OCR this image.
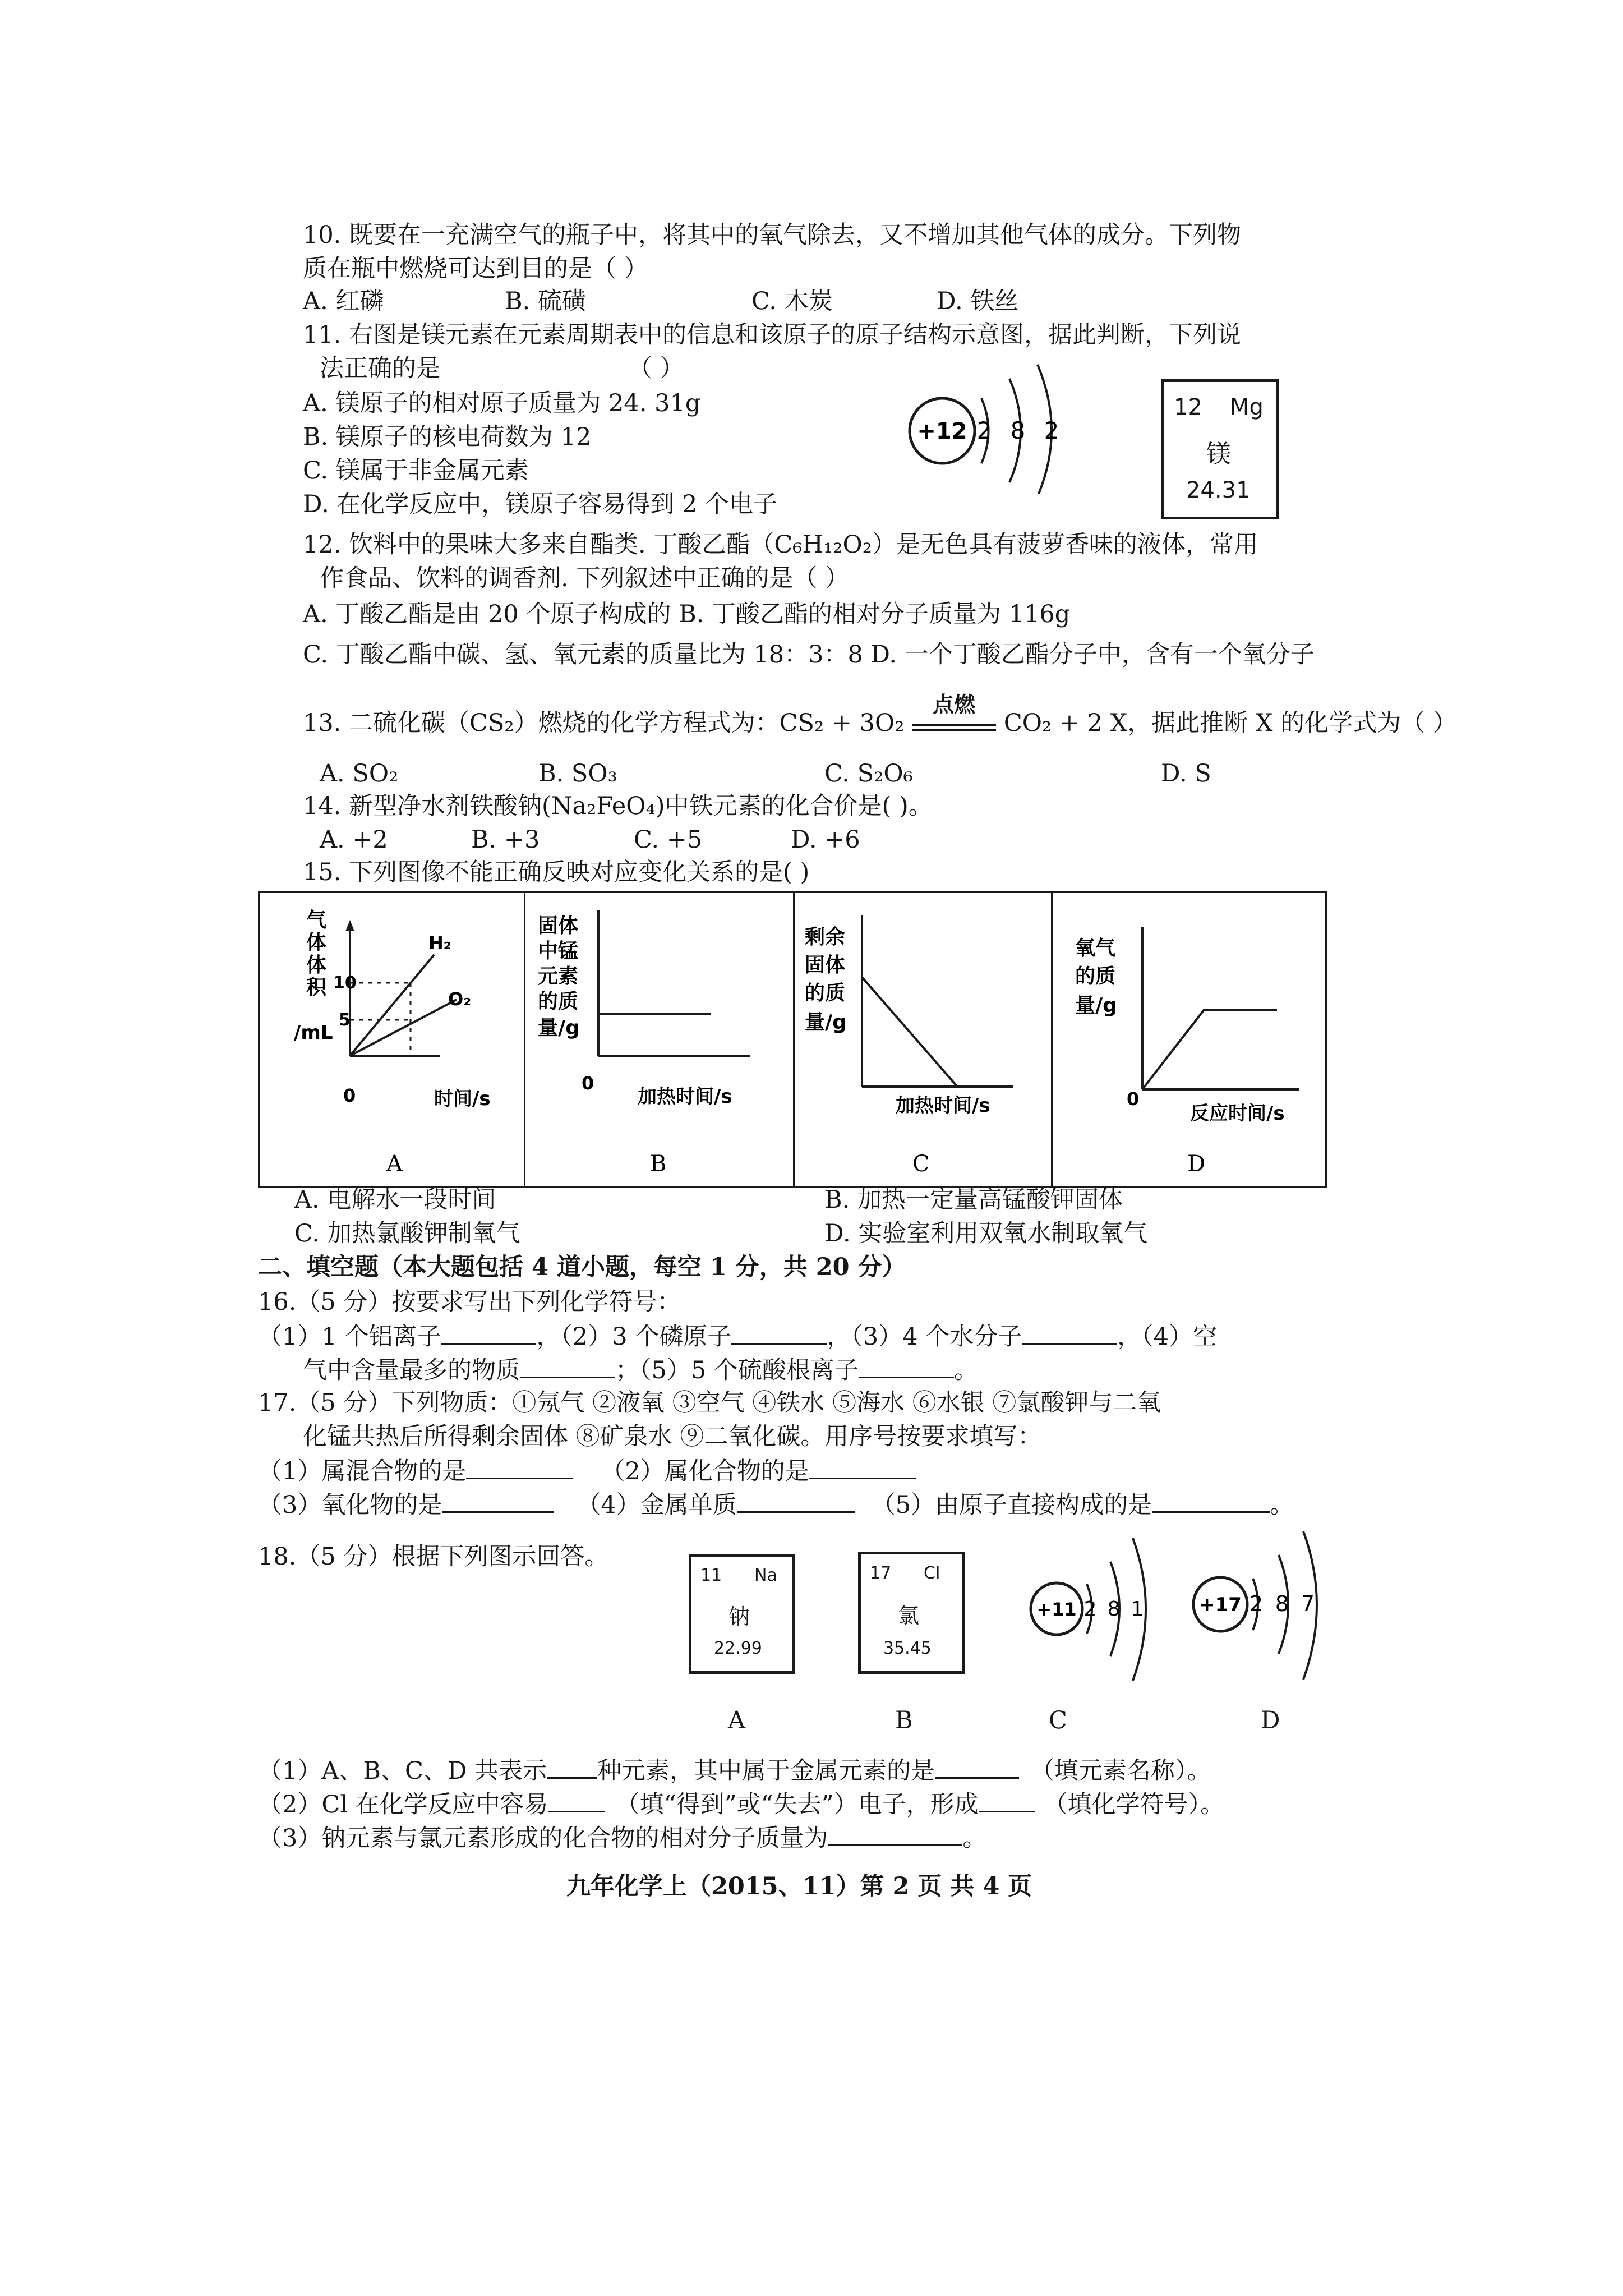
10. 既要在一充满空气的瓶子中，将其中的氧气除去，又不增加其他气体的成分。下列物
质在瓶中燃烧可达到目的是（ ）
A. 红磷	B. 硫磺	C. 木炭	D. 铁丝
11. 右图是镁元素在元素周期表中的信息和该原子的原子结构示意图，据此判断，下列说
法正确的是	（ ）
A. 镁原子的相对原子质量为 24. 31g
B. 镁原子的核电荷数为 12
C. 镁属于非金属元素
D. 在化学反应中，镁原子容易得到 2 个电子
+12 2 8 2
12 Mg
镁
24.31
12. 饮料中的果味大多来自酯类. 丁酸乙酯（C₆H₁₂O₂）是无色具有菠萝香味的液体，常用
作食品、饮料的调香剂. 下列叙述中正确的是（ ）
A. 丁酸乙酯是由 20 个原子构成的 B. 丁酸乙酯的相对分子质量为 116g
C. 丁酸乙酯中碳、氢、氧元素的质量比为 18：3：8 D. 一个丁酸乙酯分子中，含有一个氧分子
13. 二硫化碳（CS₂）燃烧的化学方程式为：CS₂ + 3O₂
点燃
CO₂ + 2 X，据此推断 X 的化学式为（ ）
A. SO₂	B. SO₃	C. S₂O₆	D. S
14. 新型净水剂铁酸钠(Na₂FeO₄)中铁元素的化合价是( )。
A. +2	B. +3	C. +5	D. +6
15. 下列图像不能正确反映对应变化关系的是( )
气
体
体
积
/mL
10
5
H₂
O₂
0	时间/s
A
固体
中锰
元素
的质
量/g
0
加热时间/s
B
剩余
固体
的质
量/g
加热时间/s
C
氧气
的质
量/g
0
反应时间/s
D
A. 电解水一段时间	B. 加热一定量高锰酸钾固体
C. 加热氯酸钾制氧气	D. 实验室利用双氧水制取氧气
二、填空题（本大题包括 4 道小题，每空 1 分，共 20 分）
16.（5 分）按要求写出下列化学符号：
（1）1 个铝离子	，（2）3 个磷原子	，（3）4 个水分子	，（4）空
气中含量最多的物质	；（5）5 个硫酸根离子	。
17.（5 分）下列物质：①氖气 ②液氧 ③空气 ④铁水 ⑤海水 ⑥水银 ⑦氯酸钾与二氧
化锰共热后所得剩余固体 ⑧矿泉水 ⑨二氧化碳。用序号按要求填写：
（1）属混合物的是	（2）属化合物的是
（3）氧化物的是	（4）金属单质	（5）由原子直接构成的是	。
18.（5 分）根据下列图示回答。
11 Na
钠
22.99
A
17 Cl
氯
35.45
B
+11 2 8 1
C
+17 2 8 7
D
（1）A、B、C、D 共表示 种元素，其中属于金属元素的是	（填元素名称）。
（2）Cl 在化学反应中容易	（填“得到”或“失去”）电子，形成	（填化学符号）。
（3）钠元素与氯元素形成的化合物的相对分子质量为	。
九年化学上（2015、11）第 2 页 共 4 页
